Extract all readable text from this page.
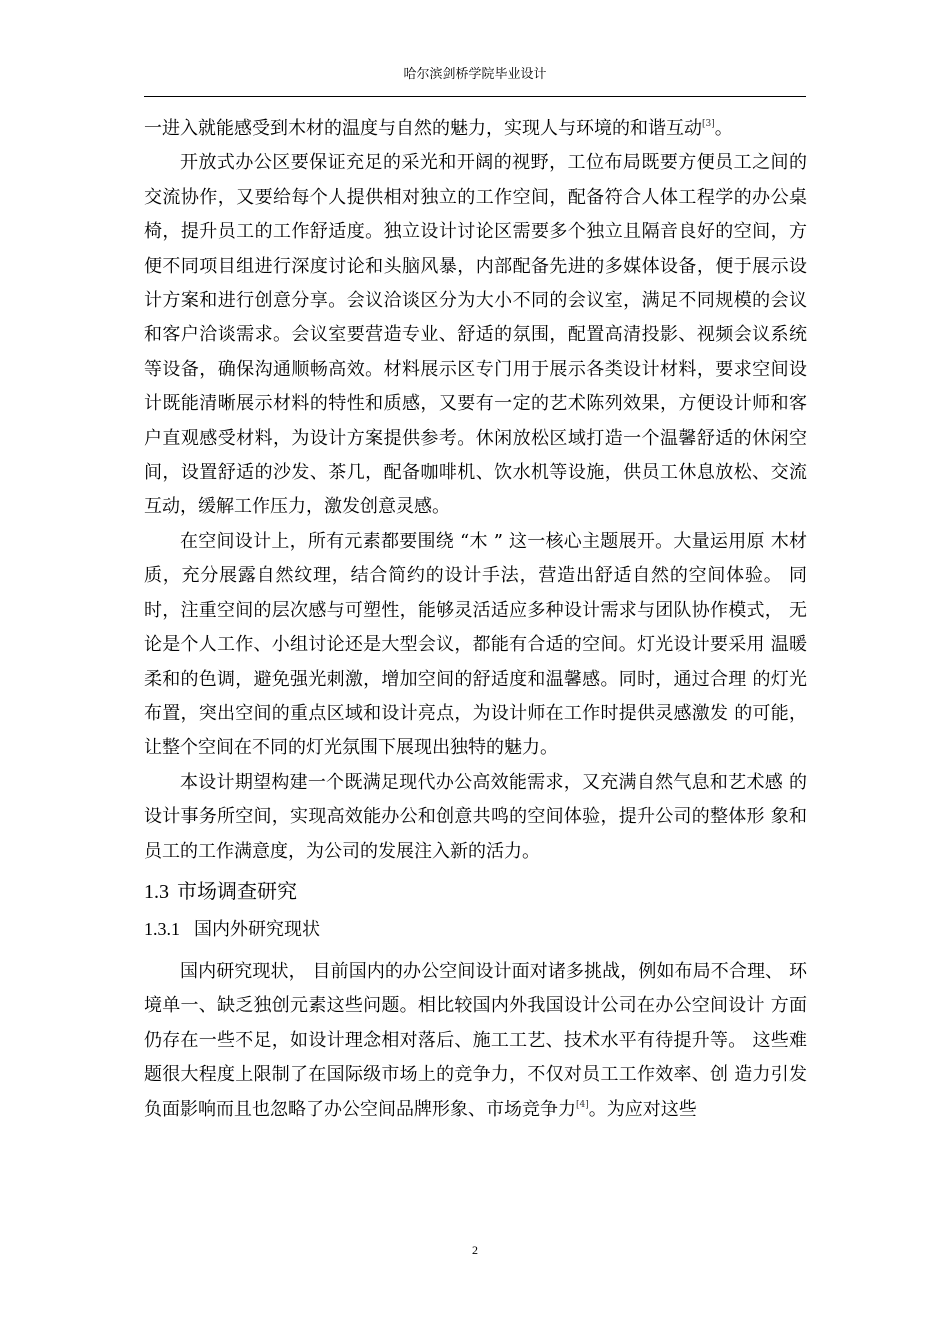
哈尔滨剑桥学院毕业设计

一进入就能感受到木材的温度与自然的魅力，实现人与环境的和谐互动[3]。

开放式办公区要保证充足的采光和开阔的视野，工位布局既要方便员工之间的交流协作，又要给每个人提供相对独立的工作空间，配备符合人体工程学的办公桌椅，提升员工的工作舒适度。独立设计讨论区需要多个独立且隔音良好的空间，方便不同项目组进行深度讨论和头脑风暴，内部配备先进的多媒体设备，便于展示设计方案和进行创意分享。会议洽谈区分为大小不同的会议室，满足不同规模的会议和客户洽谈需求。会议室要营造专业、舒适的氛围，配置高清投影、视频会议系统等设备，确保沟通顺畅高效。材料展示区专门用于展示各类设计材料，要求空间设计既能清晰展示材料的特性和质感，又要有一定的艺术陈列效果，方便设计师和客户直观感受材料，为设计方案提供参考。休闲放松区域打造一个温馨舒适的休闲空间，设置舒适的沙发、茶几，配备咖啡机、饮水机等设施，供员工休息放松、交流互动，缓解工作压力，激发创意灵感。

在空间设计上，所有元素都要围绕 “木 ” 这一核心主题展开。大量运用原 木材质，充分展露自然纹理，结合简约的设计手法，营造出舒适自然的空间体验。 同时，注重空间的层次感与可塑性，能够灵活适应多种设计需求与团队协作模式， 无论是个人工作、小组讨论还是大型会议，都能有合适的空间。灯光设计要采用 温暖柔和的色调，避免强光刺激，增加空间的舒适度和温馨感。同时，通过合理 的灯光布置，突出空间的重点区域和设计亮点，为设计师在工作时提供灵感激发 的可能，让整个空间在不同的灯光氛围下展现出独特的魅力。

本设计期望构建一个既满足现代办公高效能需求，又充满自然气息和艺术感 的设计事务所空间，实现高效能办公和创意共鸣的空间体验，提升公司的整体形 象和员工的工作满意度，为公司的发展注入新的活力。

1.3 市场调查研究
1.3.1 国内外研究现状

国内研究现状， 目前国内的办公空间设计面对诸多挑战，例如布局不合理、 环境单一、缺乏独创元素这些问题。相比较国内外我国设计公司在办公空间设计 方面仍存在一些不足，如设计理念相对落后、施工工艺、技术水平有待提升等。 这些难题很大程度上限制了在国际级市场上的竞争力，不仅对员工工作效率、创 造力引发负面影响而且也忽略了办公空间品牌形象、市场竞争力[4]。为应对这些

2
